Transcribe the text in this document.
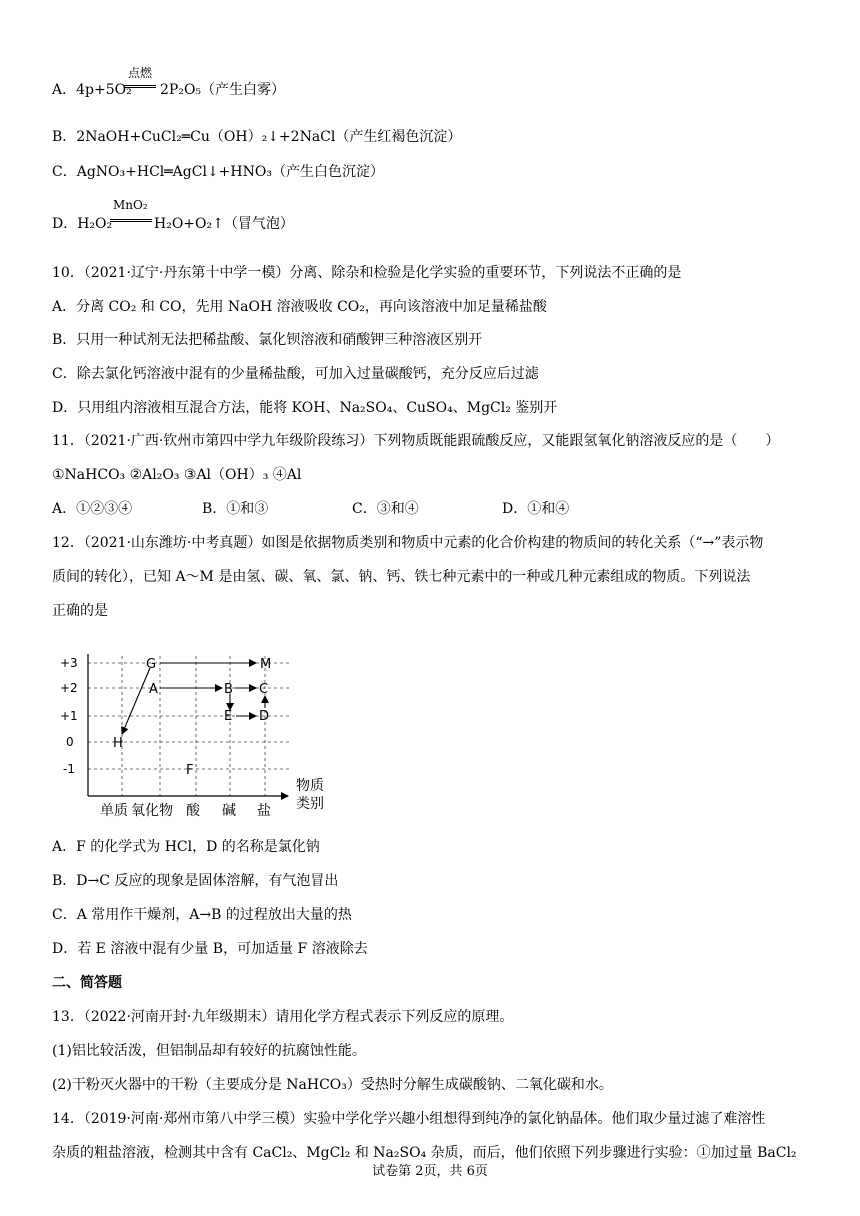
A．4p+5O₂
点燃
2P₂O₅（产生白雾）
B．2NaOH+CuCl₂═Cu（OH）₂↓+2NaCl（产生红褐色沉淀）
C．AgNO₃+HCl═AgCl↓+HNO₃（产生白色沉淀）
D．H₂O₂
MnO₂
H₂O+O₂↑（冒气泡）
10．（2021·辽宁·丹东第十中学一模）分离、除杂和检验是化学实验的重要环节，下列说法不正确的是
A．分离 CO₂ 和 CO，先用 NaOH 溶液吸收 CO₂，再向该溶液中加足量稀盐酸
B．只用一种试剂无法把稀盐酸、氯化钡溶液和硝酸钾三种溶液区别开
C．除去氯化钙溶液中混有的少量稀盐酸，可加入过量碳酸钙，充分反应后过滤
D．只用组内溶液相互混合方法，能将 KOH、Na₂SO₄、CuSO₄、MgCl₂ 鉴别开
11．（2021·广西·钦州市第四中学九年级阶段练习）下列物质既能跟硫酸反应，又能跟氢氧化钠溶液反应的是（　　）
①NaHCO₃ ②Al₂O₃ ③Al（OH）₃ ④Al
A．①②③④	B．①和③	C．③和④	D．①和④
12．（2021·山东潍坊·中考真题）如图是依据物质类别和物质中元素的化合价构建的物质间的转化关系（“→”表示物
质间的转化），已知 A～M 是由氢、碳、氧、氯、钠、钙、铁七种元素中的一种或几种元素组成的物质。下列说法
正确的是
+3
+2
+1
0
-1
单质 氧化物 酸 碱 盐
物质
类别
G	M
A	B C
E D
H
F
A．F 的化学式为 HCl，D 的名称是氯化钠
B．D→C 反应的现象是固体溶解，有气泡冒出
C．A 常用作干燥剂，A→B 的过程放出大量的热
D．若 E 溶液中混有少量 B，可加适量 F 溶液除去
二、简答题
13．（2022·河南开封·九年级期末）请用化学方程式表示下列反应的原理。
(1)铝比较活泼，但铝制品却有较好的抗腐蚀性能。
(2)干粉灭火器中的干粉（主要成分是 NaHCO₃）受热时分解生成碳酸钠、二氧化碳和水。
14．（2019·河南·郑州市第八中学三模）实验中学化学兴趣小组想得到纯净的氯化钠晶体。他们取少量过滤了难溶性
杂质的粗盐溶液，检测其中含有 CaCl₂、MgCl₂ 和 Na₂SO₄ 杂质，而后，他们依照下列步骤进行实验：①加过量 BaCl₂
试卷第 2页，共 6页
